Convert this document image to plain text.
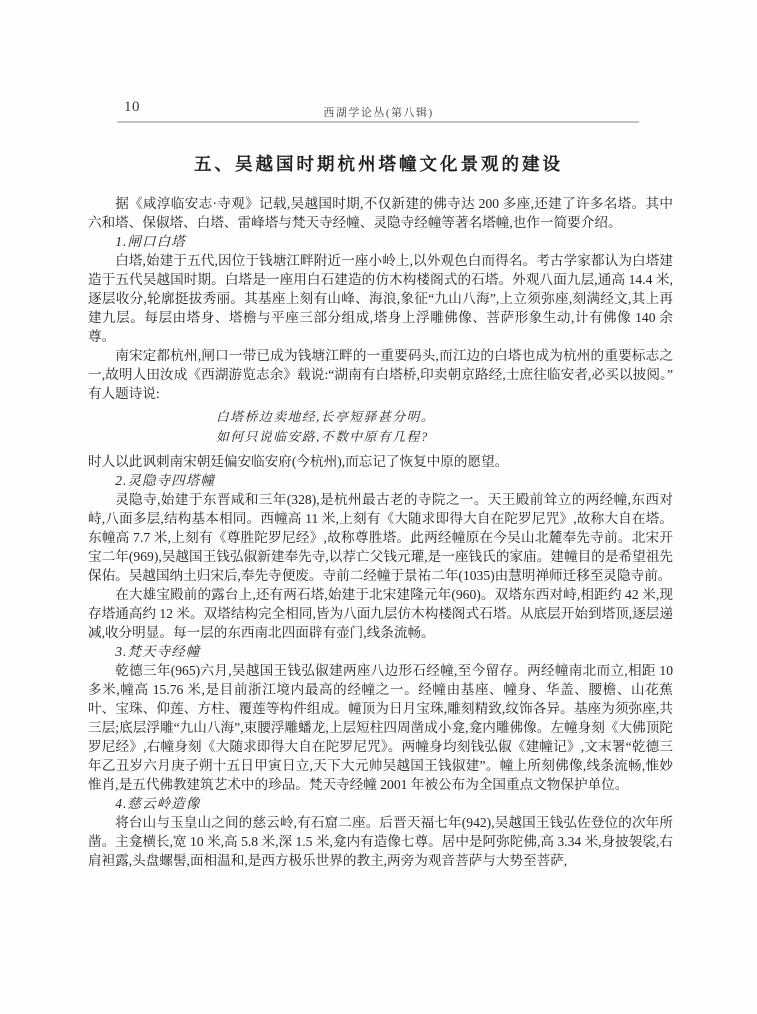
10	西湖学论丛(第八辑)
五、吴越国时期杭州塔幢文化景观的建设

据《咸淳临安志·寺观》记载,吴越国时期,不仅新建的佛寺达 200 多座,还建了许多名塔。其中六和塔、保俶塔、白塔、雷峰塔与梵天寺经幢、灵隐寺经幢等著名塔幢,也作一简要介绍。

1.闸口白塔

白塔,始建于五代,因位于钱塘江畔附近一座小岭上,以外观色白而得名。考古学家都认为白塔建造于五代吴越国时期。白塔是一座用白石建造的仿木构楼阁式的石塔。外观八面九层,通高 14.4 米,逐层收分,轮廓挺拔秀丽。其基座上刻有山峰、海浪,象征“九山八海”,上立须弥座,刻满经文,其上再建九层。每层由塔身、塔檐与平座三部分组成,塔身上浮雕佛像、菩萨形象生动,计有佛像 140 余尊。

南宋定都杭州,闸口一带已成为钱塘江畔的一重要码头,而江边的白塔也成为杭州的重要标志之一,故明人田汝成《西湖游览志余》载说:“湖南有白塔桥,印卖朝京路经,士庶往临安者,必买以披阅。”有人题诗说:

白塔桥边卖地经,长亭短驿甚分明。

如何只说临安路,不数中原有几程?

时人以此讽刺南宋朝廷偏安临安府(今杭州),而忘记了恢复中原的愿望。

2.灵隐寺四塔幢

灵隐寺,始建于东晋咸和三年(328),是杭州最古老的寺院之一。天王殿前耸立的两经幢,东西对峙,八面多层,结构基本相同。西幢高 11 米,上刻有《大随求即得大自在陀罗尼咒》,故称大自在塔。东幢高 7.7 米,上刻有《尊胜陀罗尼经》,故称尊胜塔。此两经幢原在今吴山北麓奉先寺前。北宋开宝二年(969),吴越国王钱弘俶新建奉先寺,以荐亡父钱元瓘,是一座钱氏的家庙。建幢目的是希望祖先保佑。吴越国纳土归宋后,奉先寺便废。寺前二经幢于景祐二年(1035)由慧明禅师迁移至灵隐寺前。

在大雄宝殿前的露台上,还有两石塔,始建于北宋建隆元年(960)。双塔东西对峙,相距约 42 米,现存塔通高约 12 米。双塔结构完全相同,皆为八面九层仿木构楼阁式石塔。从底层开始到塔顶,逐层递减,收分明显。每一层的东西南北四面辟有壶门,线条流畅。

3.梵天寺经幢

乾德三年(965)六月,吴越国王钱弘俶建两座八边形石经幢,至今留存。两经幢南北而立,相距 10 多米,幢高 15.76 米,是目前浙江境内最高的经幢之一。经幢由基座、幢身、华盖、腰檐、山花蕉叶、宝珠、仰莲、方柱、覆莲等构件组成。幢顶为日月宝珠,雕刻精致,纹饰各异。基座为须弥座,共三层;底层浮雕“九山八海”,束腰浮雕蟠龙,上层短柱四周凿成小龛,龛内雕佛像。左幢身刻《大佛顶陀罗尼经》,右幢身刻《大随求即得大自在陀罗尼咒》。两幢身均刻钱弘俶《建幢记》,文末署“乾德三年乙丑岁六月庚子朔十五日甲寅日立,天下大元帅吴越国王钱俶建”。幢上所刻佛像,线条流畅,惟妙惟肖,是五代佛教建筑艺术中的珍品。梵天寺经幢 2001 年被公布为全国重点文物保护单位。

4.慈云岭造像

将台山与玉皇山之间的慈云岭,有石窟二座。后晋天福七年(942),吴越国王钱弘佐登位的次年所凿。主龛横长,宽 10 米,高 5.8 米,深 1.5 米,龛内有造像七尊。居中是阿弥陀佛,高 3.34 米,身披袈裟,右肩袒露,头盘螺髻,面相温和,是西方极乐世界的教主,两旁为观音菩萨与大势至菩萨,
